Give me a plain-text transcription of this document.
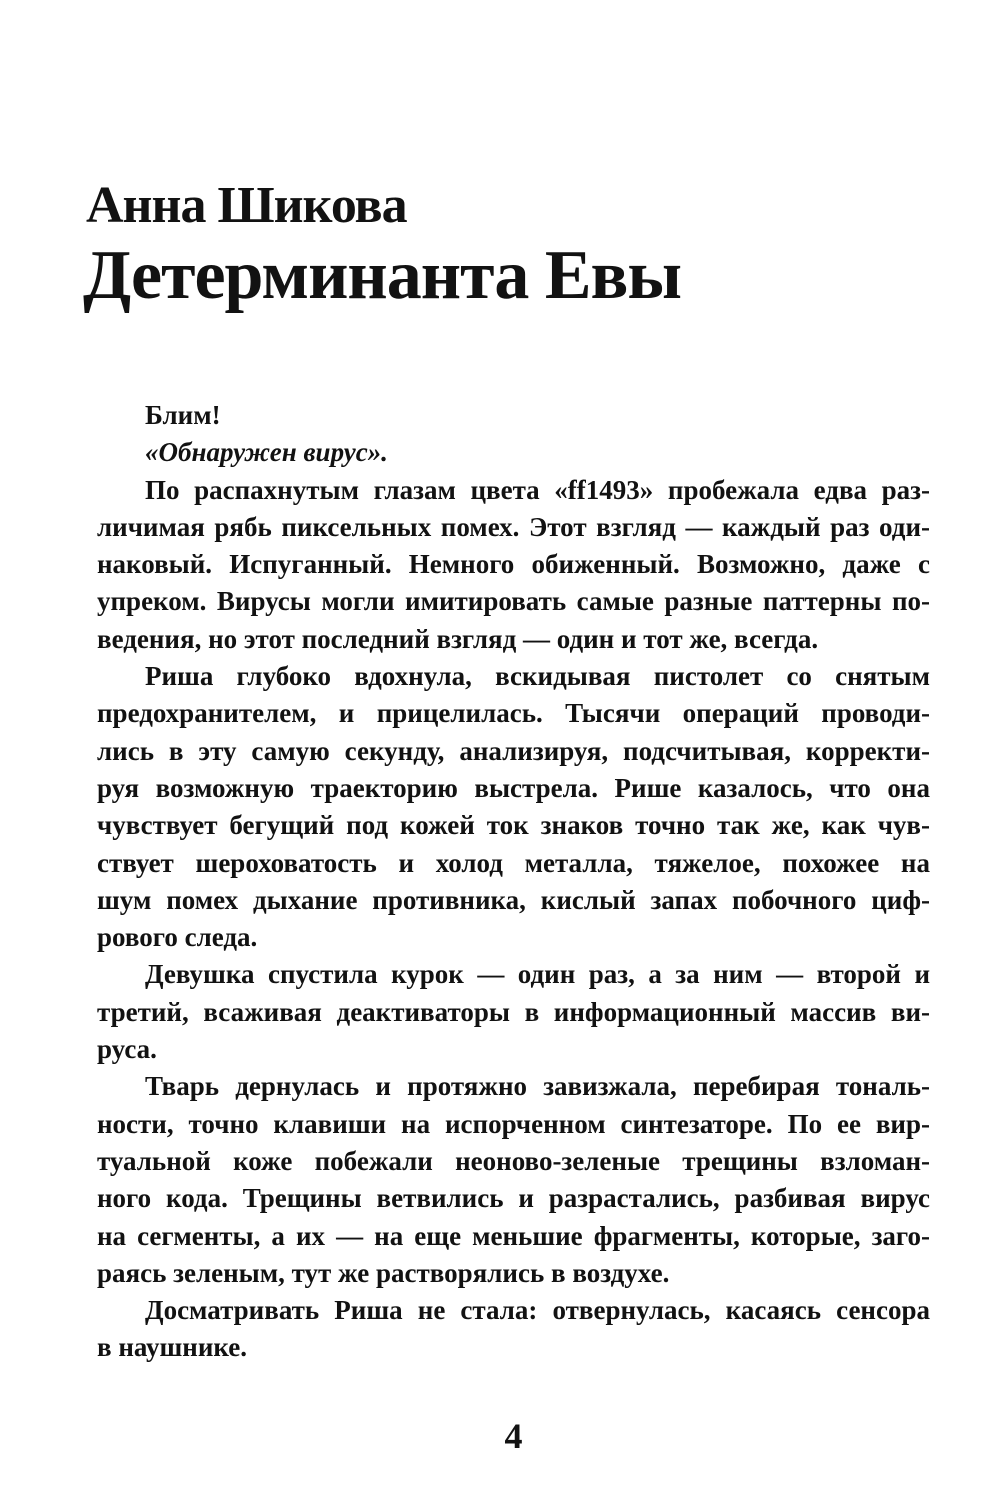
Анна Шикова
Детерминанта Евы
Блим!
«Обнаружен вирус».
По распахнутым глазам цвета «ff1493» пробежала едва раз-
личимая рябь пиксельных помех. Этот взгляд — каждый раз оди-
наковый. Испуганный. Немного обиженный. Возможно, даже с
упреком. Вирусы могли имитировать самые разные паттерны по-
ведения, но этот последний взгляд — один и тот же, всегда.
Риша глубоко вдохнула, вскидывая пистолет со снятым
предохранителем, и прицелилась. Тысячи операций проводи-
лись в эту самую секунду, анализируя, подсчитывая, корректи-
руя возможную траекторию выстрела. Рише казалось, что она
чувствует бегущий под кожей ток знаков точно так же, как чув-
ствует шероховатость и холод металла, тяжелое, похожее на
шум помех дыхание противника, кислый запах побочного циф-
рового следа.
Девушка спустила курок — один раз, а за ним — второй и
третий, всаживая деактиваторы в информационный массив ви-
руса.
Тварь дернулась и протяжно завизжала, перебирая тональ-
ности, точно клавиши на испорченном синтезаторе. По ее вир-
туальной коже побежали неоново-зеленые трещины взломан-
ного кода. Трещины ветвились и разрастались, разбивая вирус
на сегменты, а их — на еще меньшие фрагменты, которые, заго-
раясь зеленым, тут же растворялись в воздухе.
Досматривать Риша не стала: отвернулась, касаясь сенсора
в наушнике.
4
